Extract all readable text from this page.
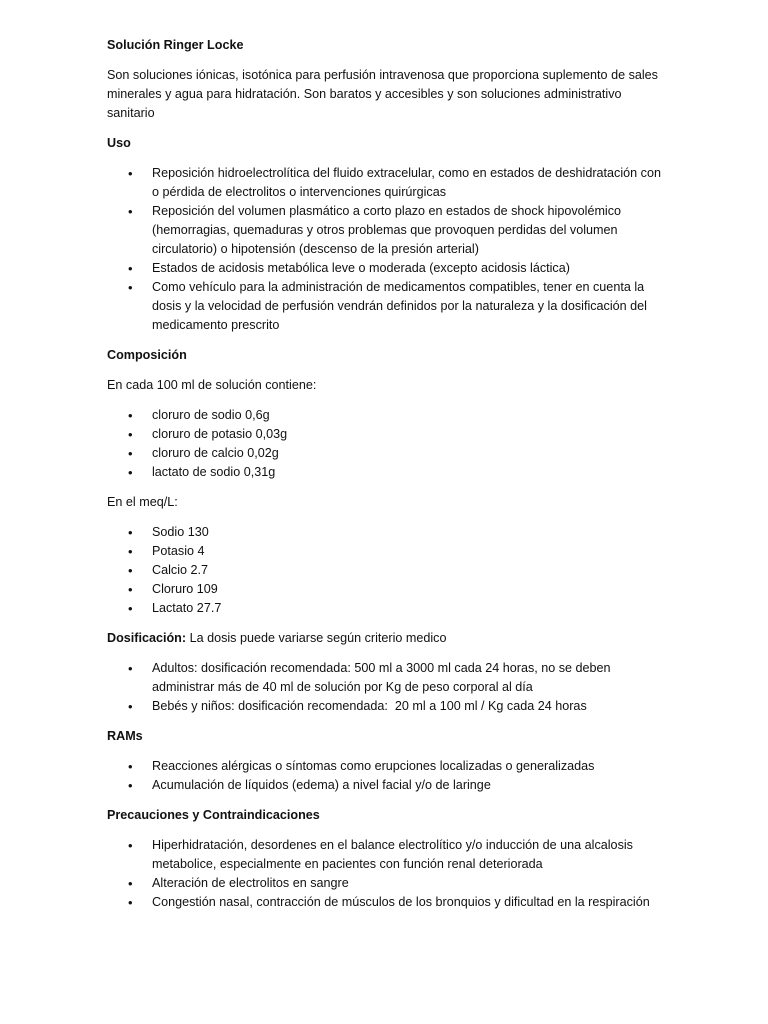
Solución Ringer Locke
Son soluciones iónicas, isotónica para perfusión intravenosa que proporciona suplemento de sales minerales y agua para hidratación. Son baratos y accesibles y son soluciones administrativo sanitario
Uso
• Reposición hidroelectrolítica del fluido extracelular, como en estados de deshidratación con o pérdida de electrolitos o intervenciones quirúrgicas
• Reposición del volumen plasmático a corto plazo en estados de shock hipovolémico (hemorragias, quemaduras y otros problemas que provoquen perdidas del volumen circulatorio) o hipotensión (descenso de la presión arterial)
• Estados de acidosis metabólica leve o moderada (excepto acidosis láctica)
• Como vehículo para la administración de medicamentos compatibles, tener en cuenta la dosis y la velocidad de perfusión vendrán definidos por la naturaleza y la dosificación del medicamento prescrito
Composición
En cada 100 ml de solución contiene:
• cloruro de sodio 0,6g
• cloruro de potasio 0,03g
• cloruro de calcio 0,02g
• lactato de sodio 0,31g
En el meq/L:
• Sodio 130
• Potasio 4
• Calcio 2.7
• Cloruro 109
• Lactato 27.7
Dosificación: La dosis puede variarse según criterio medico
• Adultos: dosificación recomendada: 500 ml a 3000 ml cada 24 horas, no se deben administrar más de 40 ml de solución por Kg de peso corporal al día
• Bebés y niños: dosificación recomendada:  20 ml a 100 ml / Kg cada 24 horas
RAMs
• Reacciones alérgicas o síntomas como erupciones localizadas o generalizadas
• Acumulación de líquidos (edema) a nivel facial y/o de laringe
Precauciones y Contraindicaciones
• Hiperhidratación, desordenes en el balance electrolítico y/o inducción de una alcalosis metabolice, especialmente en pacientes con función renal deteriorada
• Alteración de electrolitos en sangre
• Congestión nasal, contracción de músculos de los bronquios y dificultad en la respiración
